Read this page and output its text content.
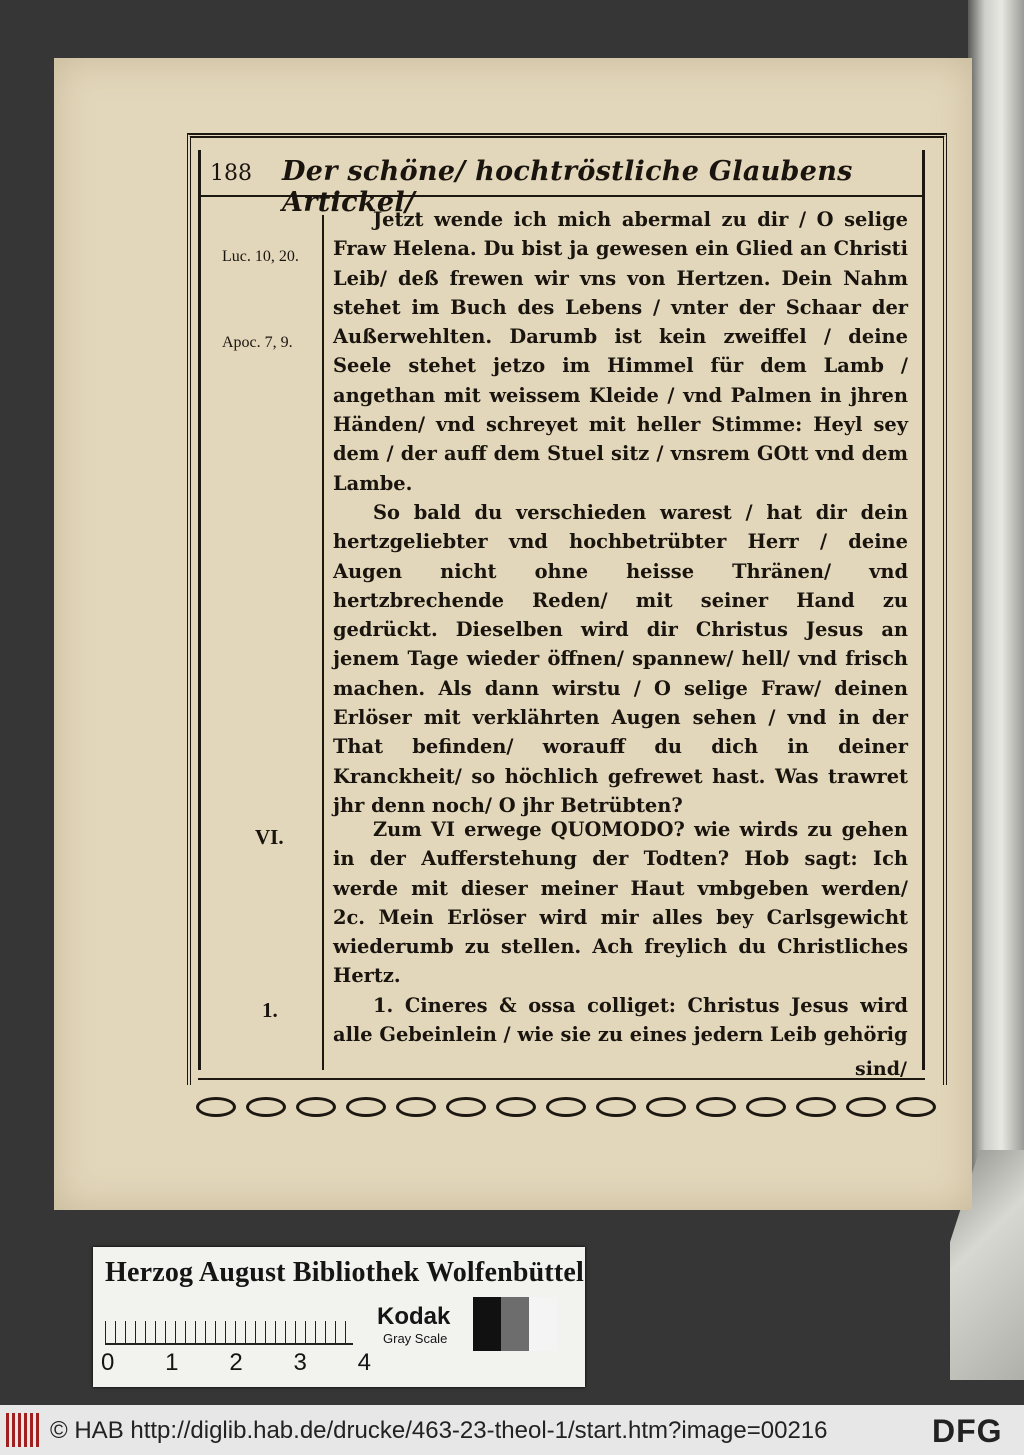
188 Der schöne/ hochtröstliche Glaubens Artickel/
Luc. 10, 20.
Apoc. 7, 9.
VI.
1.

Jetzt wende ich mich abermal zu dir / O selige Fraw Helena. Du bist ja gewesen ein Glied an Christi Leib/ deß frewen wir vns von Hertzen. Dein Nahm stehet im Buch des Lebens / vnter der Schaar der Außerwehlten. Darumb ist kein zweiffel / deine Seele stehet jetzo im Himmel für dem Lamb / angethan mit weissem Kleide / vnd Palmen in jhren Händen/ vnd schreyet mit heller Stimme: Heyl sey dem / der auff dem Stuel sitz / vnsrem GOtt vnd dem Lambe.

So bald du verschieden warest / hat dir dein hertzgeliebter vnd hochbetrübter Herr / deine Augen nicht ohne heisse Thränen/ vnd hertzbrechende Reden/ mit seiner Hand zu gedrückt. Dieselben wird dir Christus Jesus an jenem Tage wieder öffnen/ spannew/ hell/ vnd frisch machen. Als dann wirstu / O selige Fraw/ deinen Erlöser mit verklährten Augen sehen / vnd in der That befinden/ worauff du dich in deiner Kranckheit/ so höchlich gefrewet hast. Was trawret jhr denn noch/ O jhr Betrübten?

Zum VI erwege QUOMODO? wie wirds zu gehen in der Aufferstehung der Todten? Hob sagt: Ich werde mit dieser meiner Haut vmbgeben werden/ 2c. Mein Erlöser wird mir alles bey Carlsgewicht wiederumb zu stellen. Ach freylich du Christliches Hertz.

1. Cineres & ossa colliget: Christus Jesus wird alle Gebeinlein / wie sie zu eines jedern Leib gehörig

sind/
Herzog August Bibliothek Wolfenbüttel
0 1 2 3 4
Kodak
Gray Scale
© HAB http://diglib.hab.de/drucke/463-23-theol-1/start.htm?image=00216	DFG
